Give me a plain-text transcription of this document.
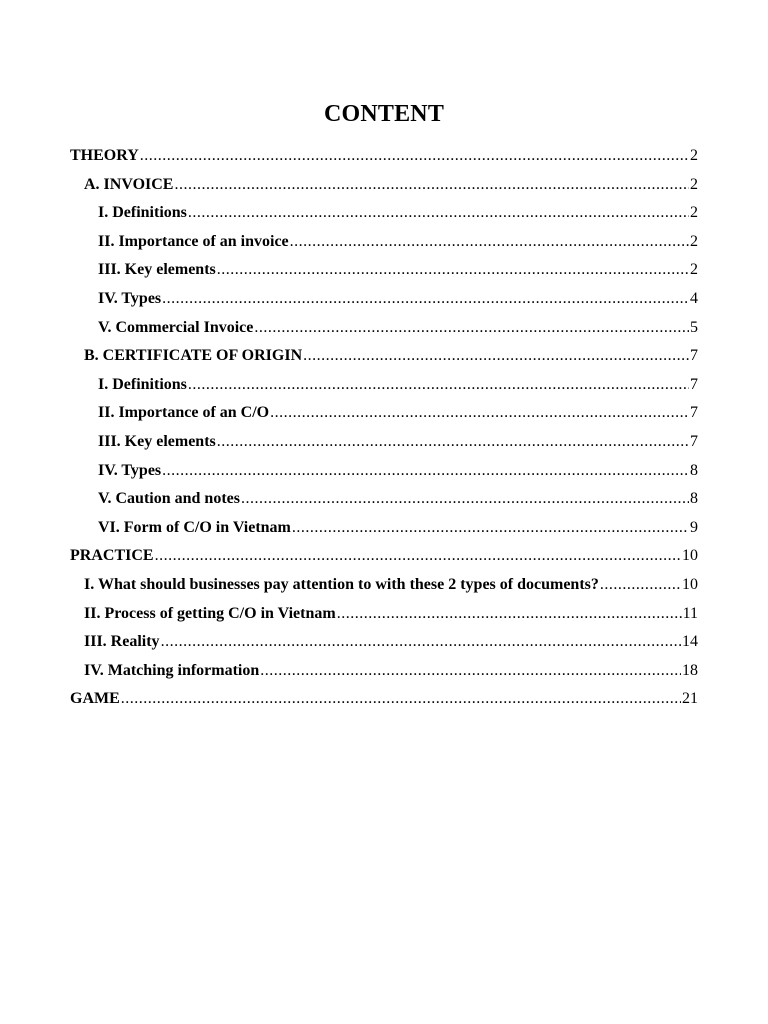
CONTENT
THEORY .....	2
A. INVOICE .....	2
I. Definitions .....	2
II. Importance of an invoice .....	2
III. Key elements .....	2
IV. Types .....	4
V. Commercial Invoice .....	5
B. CERTIFICATE OF ORIGIN .....	7
I. Definitions .....	7
II. Importance of an C/O .....	7
III. Key elements .....	7
IV. Types .....	8
V. Caution and notes .....	8
VI. Form of C/O in Vietnam .....	9
PRACTICE .....	10
I. What should businesses pay attention to with these 2 types of documents? .....	10
II. Process of getting C/O in Vietnam .....	11
III. Reality .....	14
IV. Matching information .....	18
GAME .....	21
